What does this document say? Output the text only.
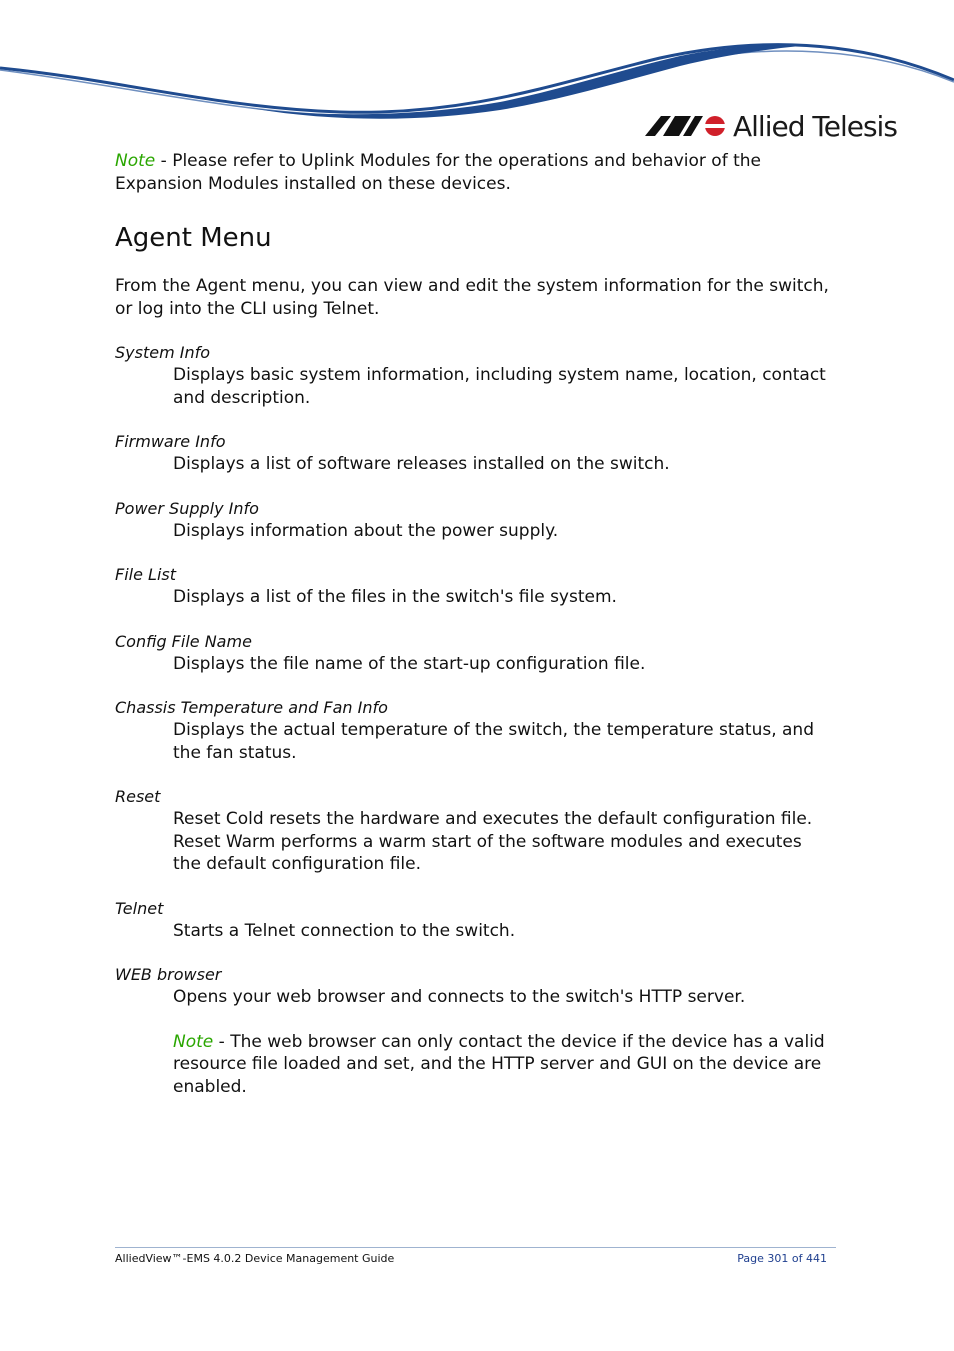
Allied Telesis

Note - Please refer to Uplink Modules for the operations and behavior of the Expansion Modules installed on these devices.

Agent Menu

From the Agent menu, you can view and edit the system information for the switch, or log into the CLI using Telnet.

System Info
Displays basic system information, including system name, location, contact and description.
Firmware Info
Displays a list of software releases installed on the switch.
Power Supply Info
Displays information about the power supply.
File List
Displays a list of the files in the switch's file system.
Config File Name
Displays the file name of the start-up configuration file.
Chassis Temperature and Fan Info
Displays the actual temperature of the switch, the temperature status, and the fan status.
Reset
Reset Cold resets the hardware and executes the default configuration file. Reset Warm performs a warm start of the software modules and executes the default configuration file.
Telnet
Starts a Telnet connection to the switch.
WEB browser
Opens your web browser and connects to the switch's HTTP server.
Note - The web browser can only contact the device if the device has a valid resource file loaded and set, and the HTTP server and GUI on the device are enabled.
AlliedView™-EMS 4.0.2 Device Management Guide	Page 301 of 441
